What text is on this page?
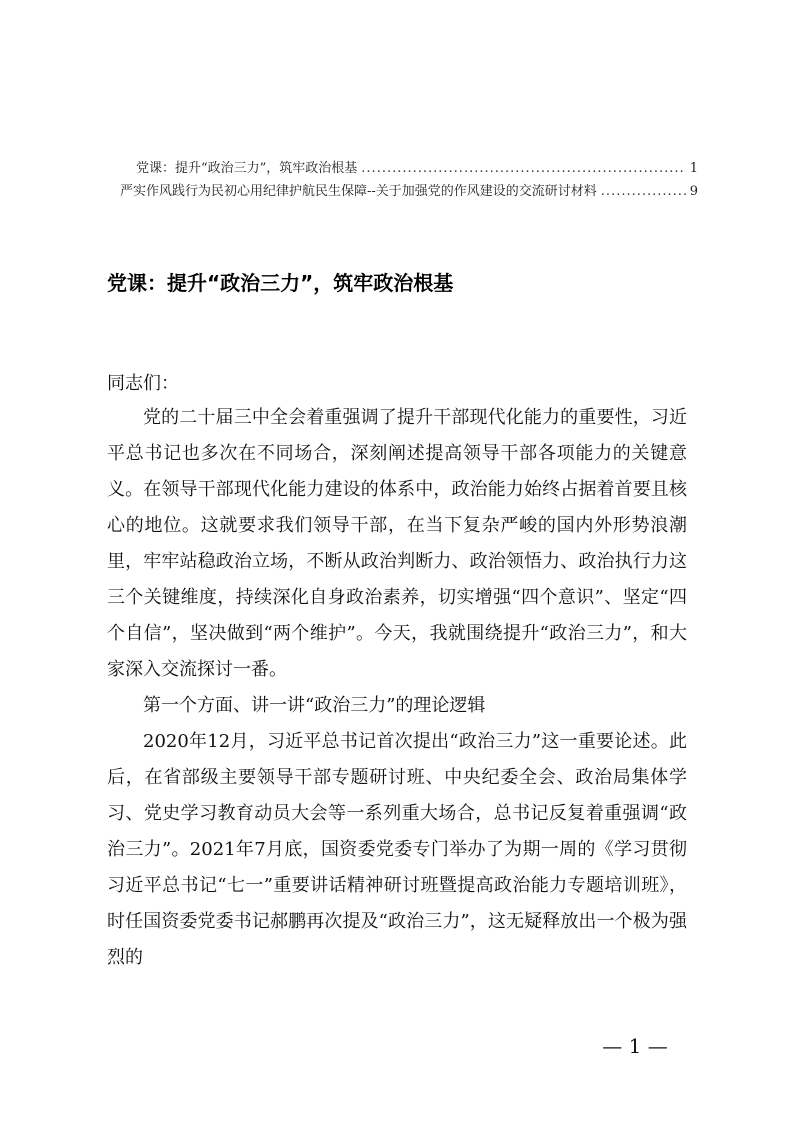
党课：提升“政治三力”，筑牢政治根基 .....	1
严实作风践行为民初心用纪律护航民生保障--关于加强党的作风建设的交流研讨材料 .....	9
党课：提升“政治三力”，筑牢政治根基

同志们：

党的二十届三中全会着重强调了提升干部现代化能力的重要性，习近平总书记也多次在不同场合，深刻阐述提高领导干部各项能力的关键意义。在领导干部现代化能力建设的体系中，政治能力始终占据着首要且核心的地位。这就要求我们领导干部，在当下复杂严峻的国内外形势浪潮里，牢牢站稳政治立场，不断从政治判断力、政治领悟力、政治执行力这三个关键维度，持续深化自身政治素养，切实增强“四个意识”、坚定“四个自信”，坚决做到“两个维护”。今天，我就围绕提升“政治三力”，和大家深入交流探讨一番。

第一个方面、讲一讲“政治三力”的理论逻辑

2020年12月，习近平总书记首次提出“政治三力”这一重要论述。此后，在省部级主要领导干部专题研讨班、中央纪委全会、政治局集体学习、党史学习教育动员大会等一系列重大场合，总书记反复着重强调“政治三力”。2021年7月底，国资委党委专门举办了为期一周的《学习贯彻习近平总书记“七一”重要讲话精神研讨班暨提高政治能力专题培训班》，时任国资委党委书记郝鹏再次提及“政治三力”，这无疑释放出一个极为强烈的

— 1 —
